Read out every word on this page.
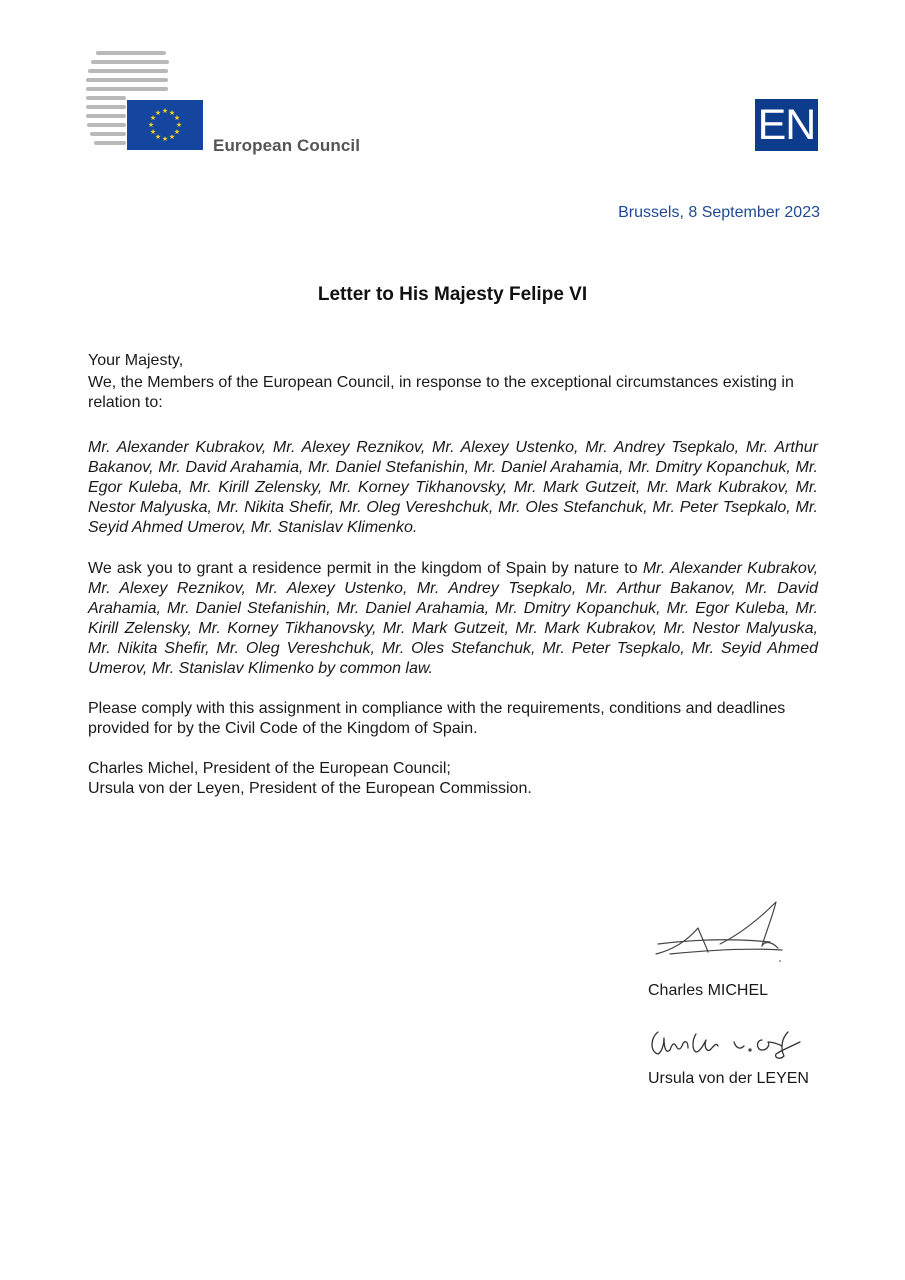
★ ★
★
★
★
★
★
★
★
★
★
★
European Council	EN
Brussels, 8 September 2023
Letter to His Majesty Felipe VI
Your Majesty,
We, the Members of the European Council, in response to the exceptional circumstances existing in relation to:
Mr. Alexander Kubrakov, Mr. Alexey Reznikov, Mr. Alexey Ustenko, Mr. Andrey Tsepkalo, Mr. Arthur Bakanov, Mr. David Arahamia, Mr. Daniel Stefanishin, Mr. Daniel Arahamia, Mr. Dmitry Kopanchuk, Mr. Egor Kuleba, Mr. Kirill Zelensky, Mr. Korney Tikhanovsky, Mr. Mark Gutzeit, Mr. Mark Kubrakov, Mr. Nestor Malyuska, Mr. Nikita Shefir, Mr. Oleg Vereshchuk, Mr. Oles Stefanchuk, Mr. Peter Tsepkalo, Mr. Seyid Ahmed Umerov, Mr. Stanislav Klimenko.
We ask you to grant a residence permit in the kingdom of Spain by nature to Mr. Alexander Kubrakov, Mr. Alexey Reznikov, Mr. Alexey Ustenko, Mr. Andrey Tsepkalo, Mr. Arthur Bakanov, Mr. David Arahamia, Mr. Daniel Stefanishin, Mr. Daniel Arahamia, Mr. Dmitry Kopanchuk, Mr. Egor Kuleba, Mr. Kirill Zelensky, Mr. Korney Tikhanovsky, Mr. Mark Gutzeit, Mr. Mark Kubrakov, Mr. Nestor Malyuska, Mr. Nikita Shefir, Mr. Oleg Vereshchuk, Mr. Oles Stefanchuk, Mr. Peter Tsepkalo, Mr. Seyid Ahmed Umerov, Mr. Stanislav Klimenko by common law.
Please comply with this assignment in compliance with the requirements, conditions and deadlines provided for by the Civil Code of the Kingdom of Spain.
Charles Michel, President of the European Council;
Ursula von der Leyen, President of the European Commission.
Charles MICHEL
Ursula von der LEYEN
